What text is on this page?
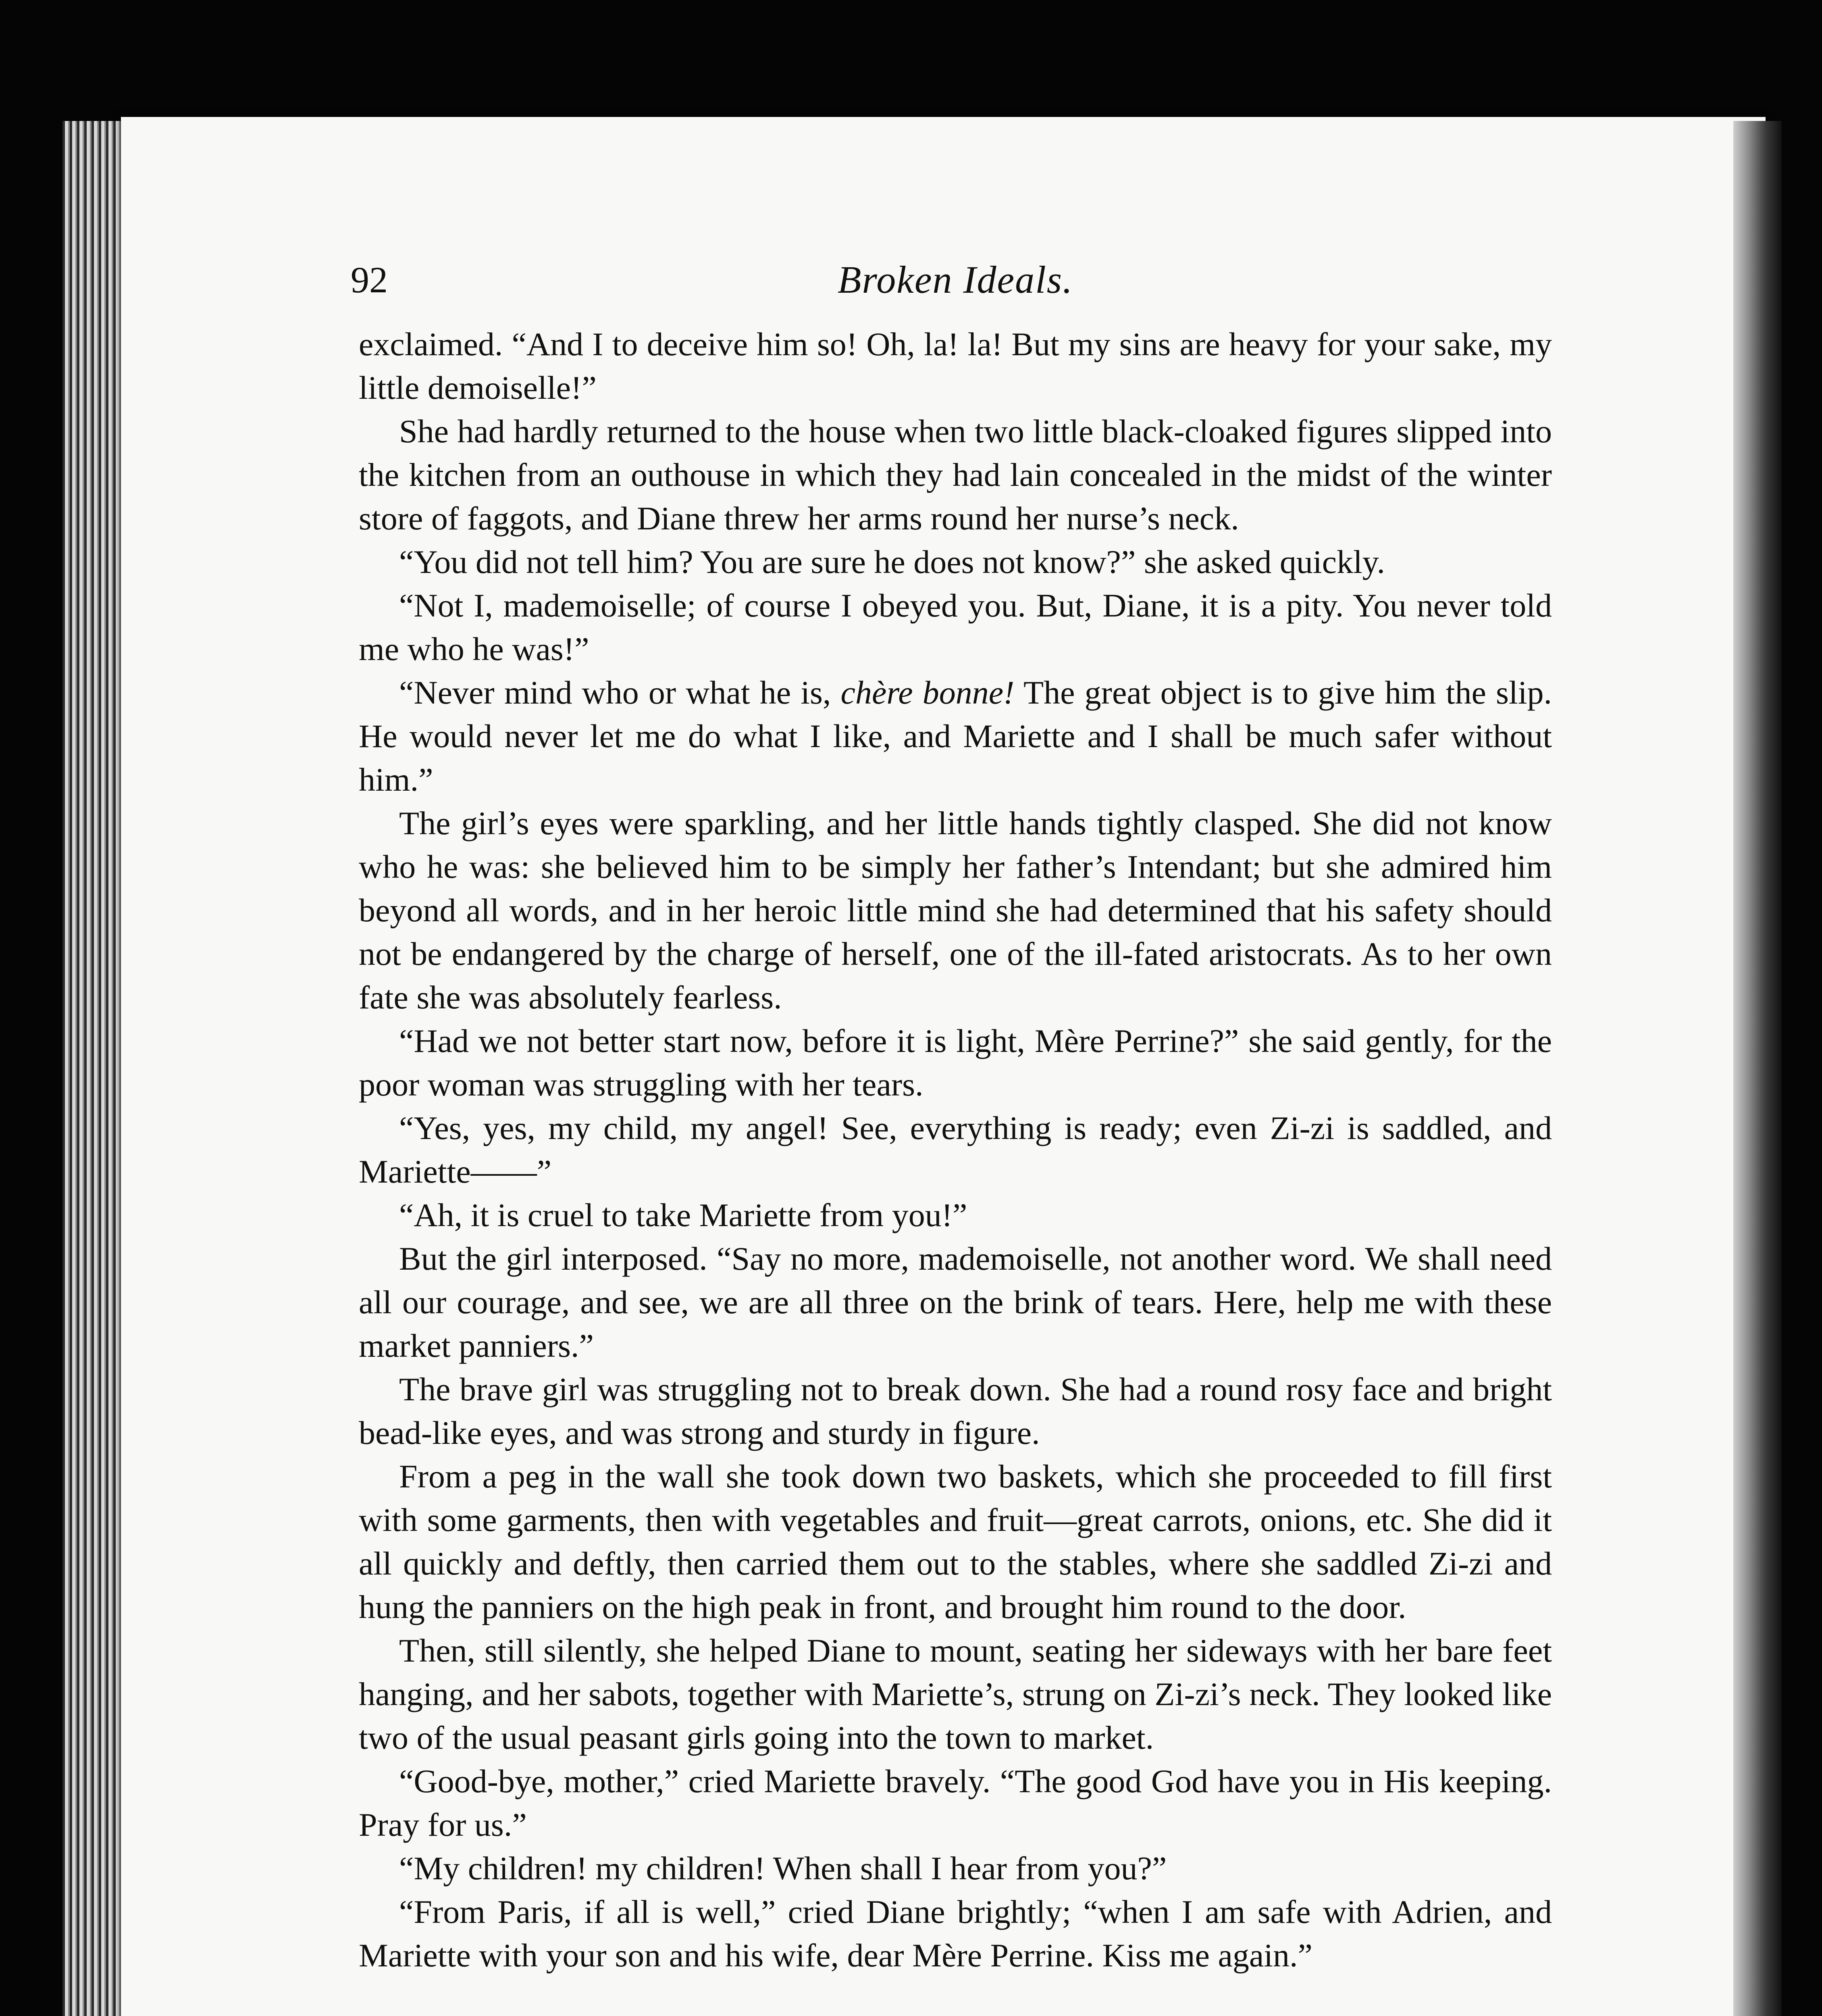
92	Broken Ideals.

exclaimed. “And I to deceive him so! Oh, la! la! But my sins are heavy for your sake, my little demoiselle!”

She had hardly returned to the house when two little black-cloaked figures slipped into the kitchen from an outhouse in which they had lain concealed in the midst of the winter store of faggots, and Diane threw her arms round her nurse’s neck.

“You did not tell him? You are sure he does not know?” she asked quickly.

“Not I, mademoiselle; of course I obeyed you. But, Diane, it is a pity. You never told me who he was!”

“Never mind who or what he is, chère bonne! The great object is to give him the slip. He would never let me do what I like, and Mariette and I shall be much safer without him.”

The girl’s eyes were sparkling, and her little hands tightly clasped. She did not know who he was: she believed him to be simply her father’s Intendant; but she admired him beyond all words, and in her heroic little mind she had determined that his safety should not be endangered by the charge of herself, one of the ill-fated aristocrats. As to her own fate she was absolutely fearless.

“Had we not better start now, before it is light, Mère Perrine?” she said gently, for the poor woman was struggling with her tears.

“Yes, yes, my child, my angel! See, everything is ready; even Zi-zi is saddled, and Mariette——”

“Ah, it is cruel to take Mariette from you!”

But the girl interposed. “Say no more, mademoiselle, not another word. We shall need all our courage, and see, we are all three on the brink of tears. Here, help me with these market panniers.”

The brave girl was struggling not to break down. She had a round rosy face and bright bead-like eyes, and was strong and sturdy in figure.

From a peg in the wall she took down two baskets, which she proceeded to fill first with some garments, then with vegetables and fruit—great carrots, onions, etc. She did it all quickly and deftly, then carried them out to the stables, where she saddled Zi-zi and hung the panniers on the high peak in front, and brought him round to the door.

Then, still silently, she helped Diane to mount, seating her sideways with her bare feet hanging, and her sabots, together with Mariette’s, strung on Zi-zi’s neck. They looked like two of the usual peasant girls going into the town to market.

“Good-bye, mother,” cried Mariette bravely. “The good God have you in His keeping. Pray for us.”

“My children! my children! When shall I hear from you?”

“From Paris, if all is well,” cried Diane brightly; “when I am safe with Adrien, and Mariette with your son and his wife, dear Mère Perrine. Kiss me again.”
